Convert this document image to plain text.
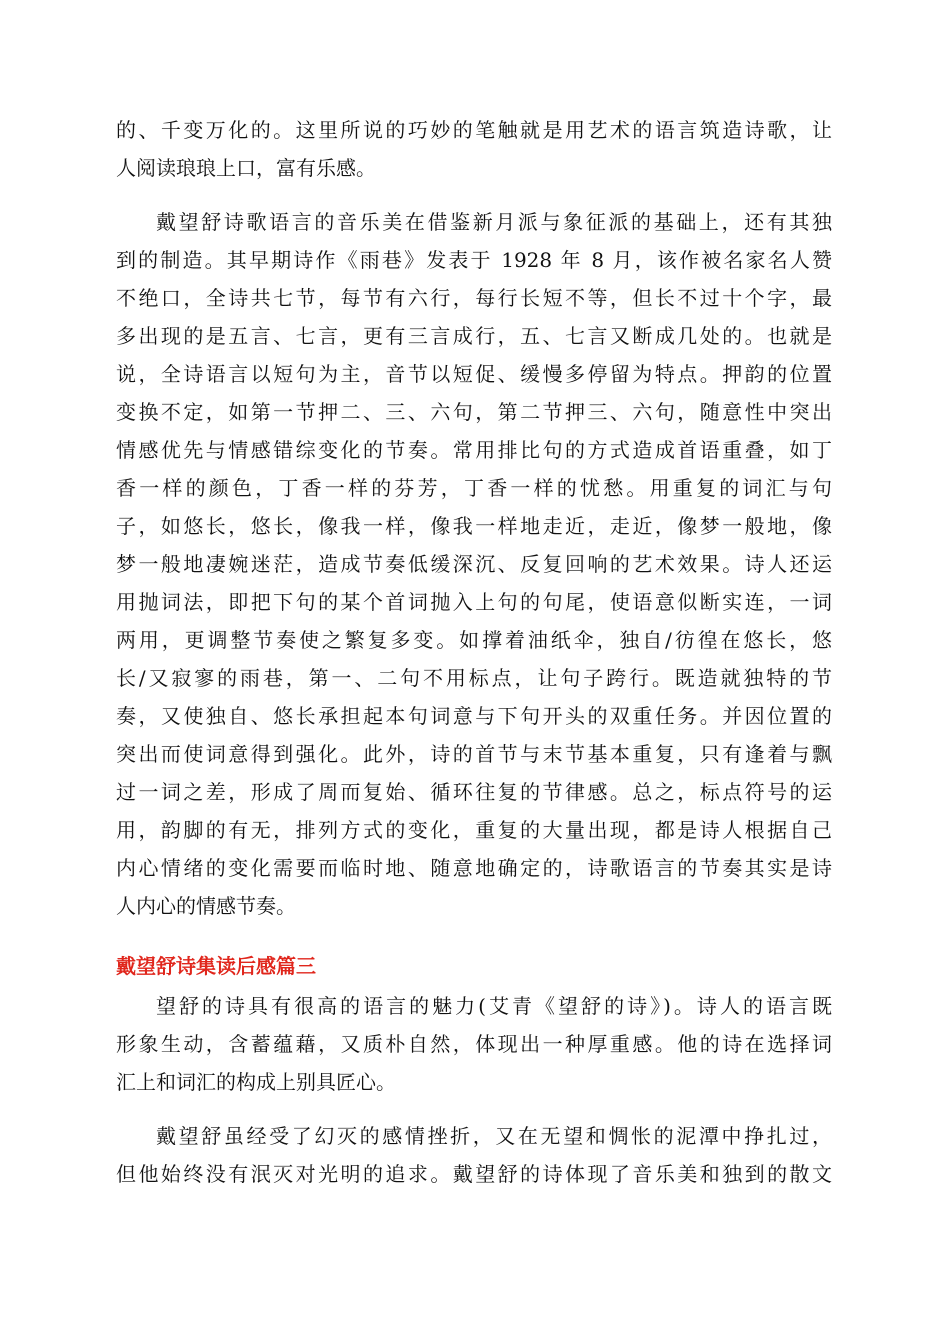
的、千变万化的。这里所说的巧妙的笔触就是用艺术的语言筑造诗歌，让
人阅读琅琅上口，富有乐感。
戴望舒诗歌语言的音乐美在借鉴新月派与象征派的基础上，还有其独
到的制造。其早期诗作《雨巷》发表于 1928 年 8 月，该作被名家名人赞
不绝口，全诗共七节，每节有六行，每行长短不等，但长不过十个字，最
多出现的是五言、七言，更有三言成行，五、七言又断成几处的。也就是
说，全诗语言以短句为主，音节以短促、缓慢多停留为特点。押韵的位置
变换不定，如第一节押二、三、六句，第二节押三、六句，随意性中突出
情感优先与情感错综变化的节奏。常用排比句的方式造成首语重叠，如丁
香一样的颜色，丁香一样的芬芳，丁香一样的忧愁。用重复的词汇与句
子，如悠长，悠长，像我一样，像我一样地走近，走近，像梦一般地，像
梦一般地凄婉迷茫，造成节奏低缓深沉、反复回响的艺术效果。诗人还运
用抛词法，即把下句的某个首词抛入上句的句尾，使语意似断实连，一词
两用，更调整节奏使之繁复多变。如撑着油纸伞，独自/彷徨在悠长，悠
长/又寂寥的雨巷，第一、二句不用标点，让句子跨行。既造就独特的节
奏，又使独自、悠长承担起本句词意与下句开头的双重任务。并因位置的
突出而使词意得到强化。此外，诗的首节与末节基本重复，只有逢着与飘
过一词之差，形成了周而复始、循环往复的节律感。总之，标点符号的运
用，韵脚的有无，排列方式的变化，重复的大量出现，都是诗人根据自己
内心情绪的变化需要而临时地、随意地确定的，诗歌语言的节奏其实是诗
人内心的情感节奏。
戴望舒诗集读后感篇三
望舒的诗具有很高的语言的魅力(艾青《望舒的诗》)。诗人的语言既
形象生动，含蓄蕴藉，又质朴自然，体现出一种厚重感。他的诗在选择词
汇上和词汇的构成上别具匠心。
戴望舒虽经受了幻灭的感情挫折，又在无望和惆怅的泥潭中挣扎过，
但他始终没有泯灭对光明的追求。戴望舒的诗体现了音乐美和独到的散文
